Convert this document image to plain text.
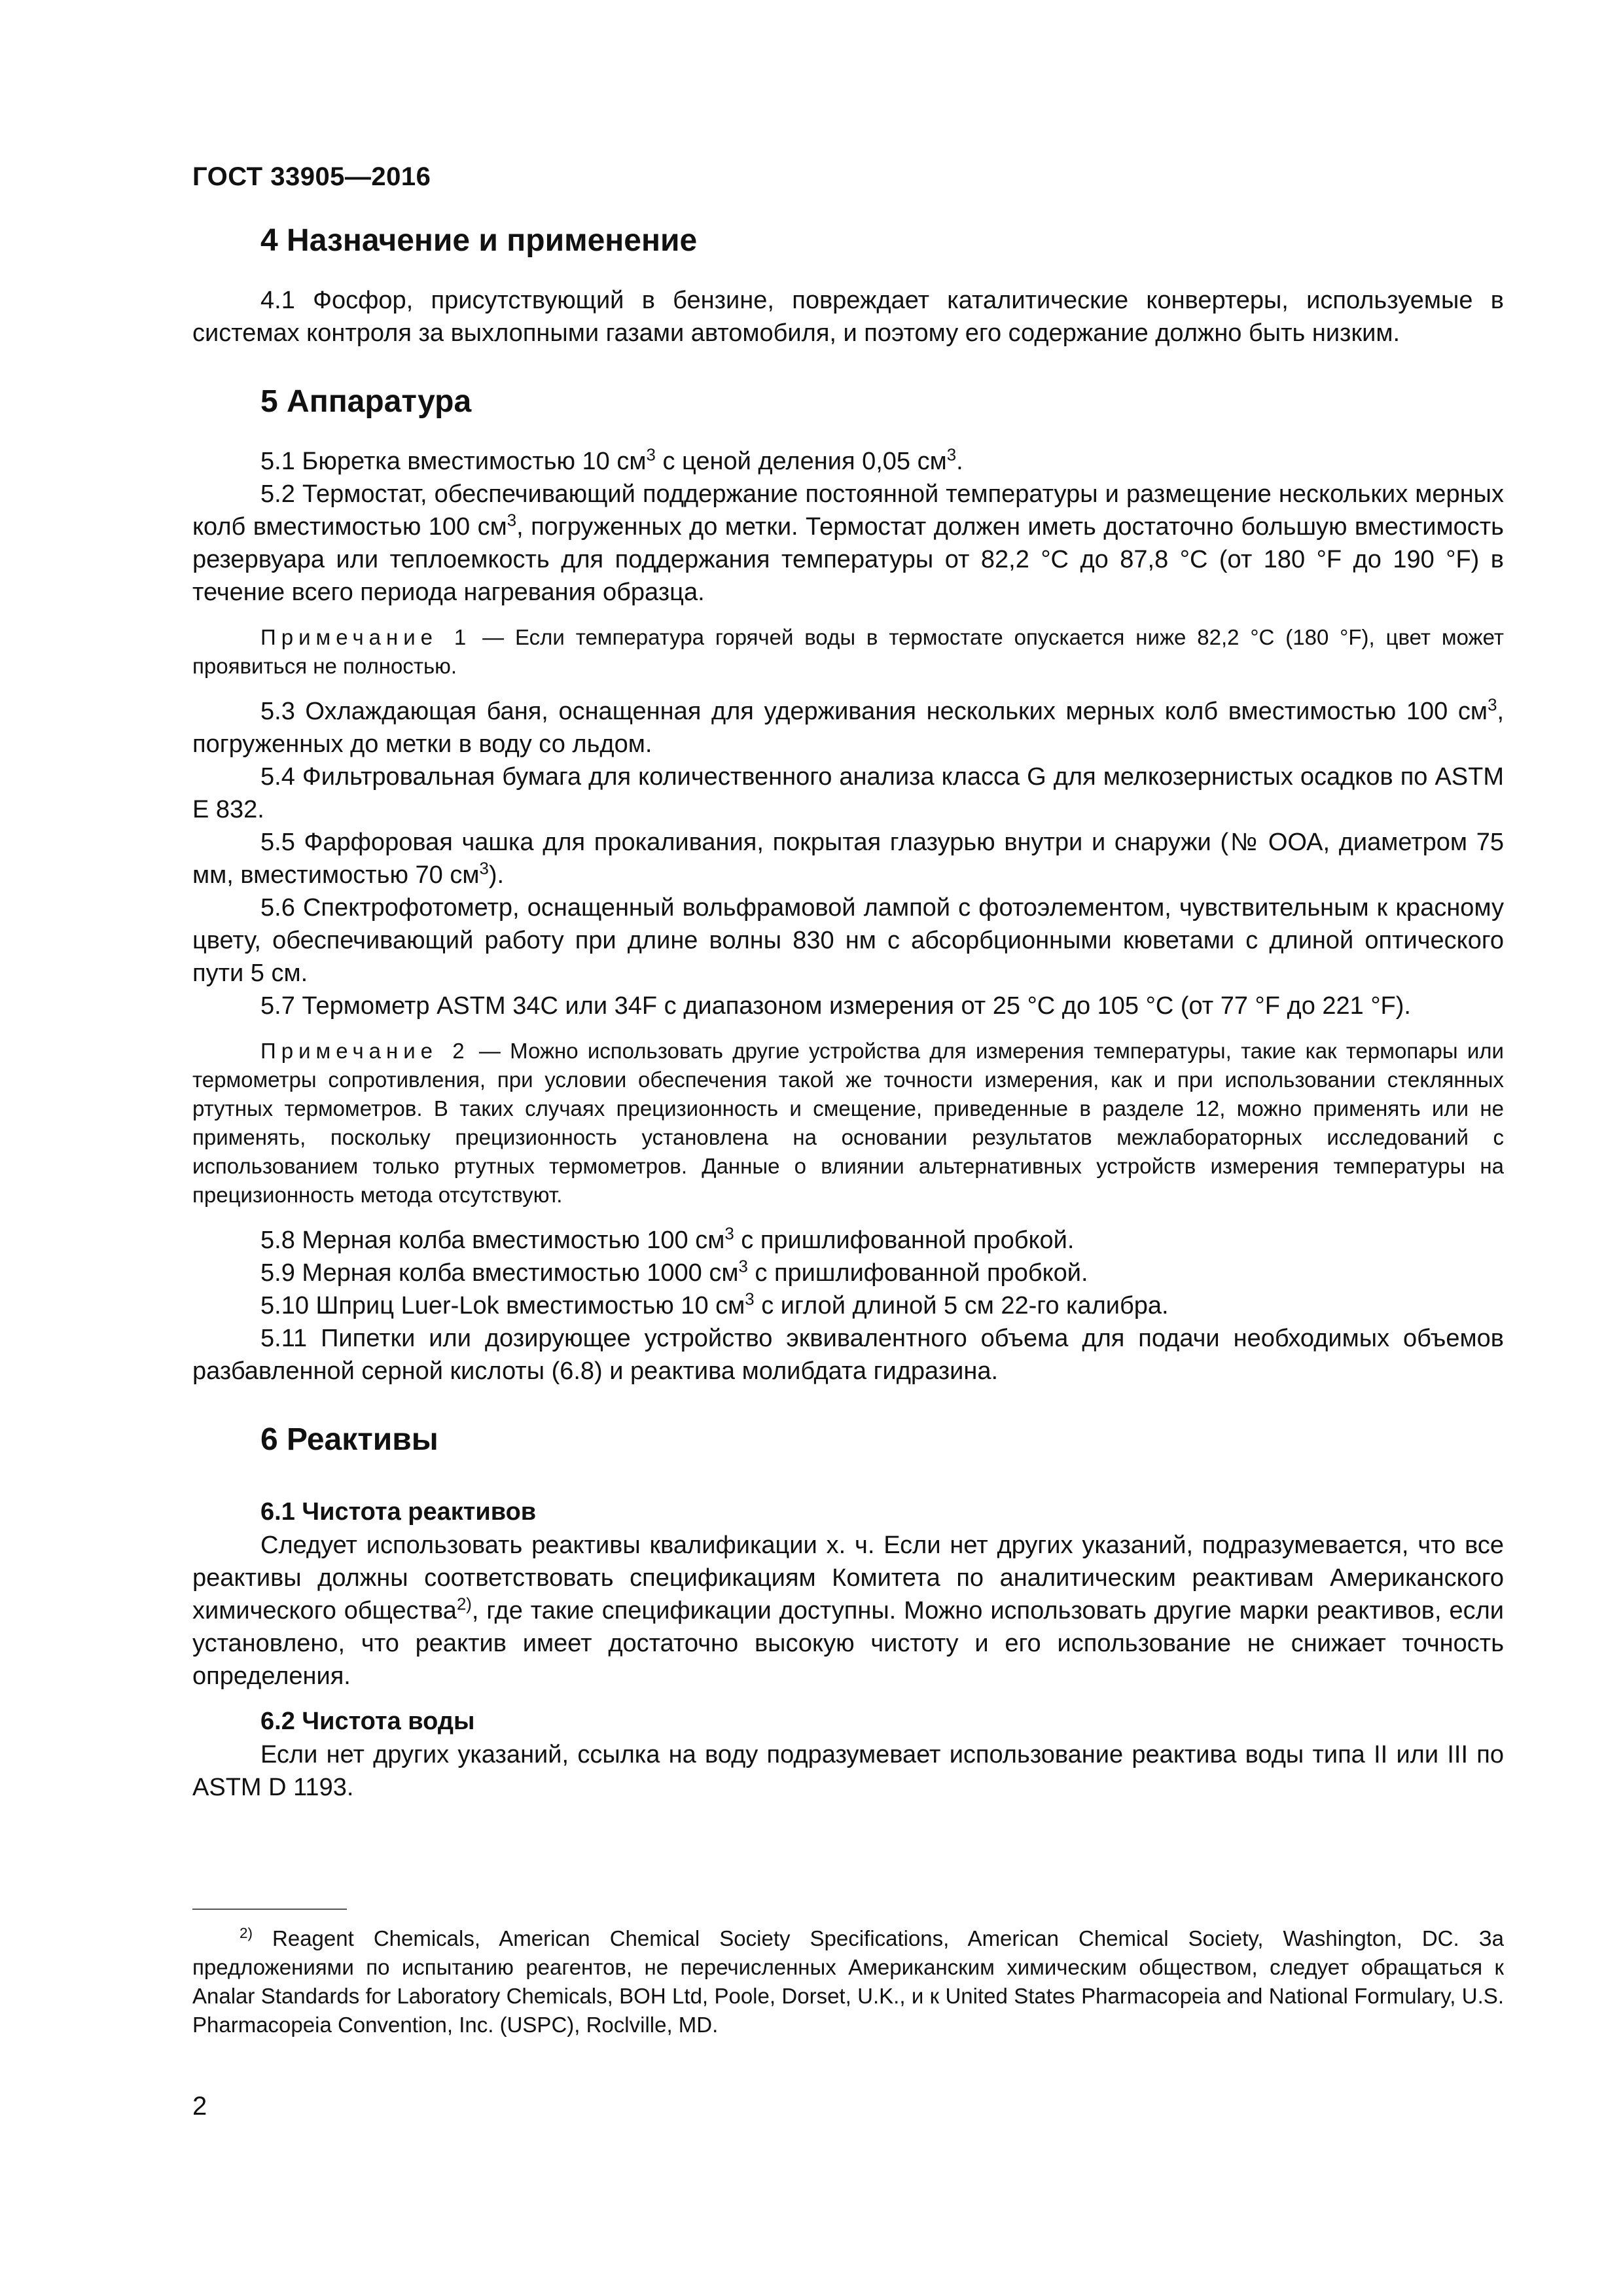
ГОСТ 33905—2016
4 Назначение и применение

4.1 Фосфор, присутствующий в бензине, повреждает каталитические конвертеры, используемые в системах контроля за выхлопными газами автомобиля, и поэтому его содержание должно быть низким.

5 Аппаратура

5.1 Бюретка вместимостью 10 $см^3$ с ценой деления 0,05 $см^3$.

5.2 Термостат, обеспечивающий поддержание постоянной температуры и размещение нескольких мерных колб вместимостью 100 $см^3$, погруженных до метки. Термостат должен иметь достаточно большую вместимость резервуара или теплоемкость для поддержания температуры от 82,2 °C до 87,8 °C (от 180 °F до 190 °F) в течение всего периода нагревания образца.

Примечание 1 — Если температура горячей воды в термостате опускается ниже 82,2 °C (180 °F), цвет может проявиться не полностью.

5.3 Охлаждающая баня, оснащенная для удерживания нескольких мерных колб вместимостью 100 $см^3$, погруженных до метки в воду со льдом.

5.4 Фильтровальная бумага для количественного анализа класса G для мелкозернистых осадков по ASTM E 832.

5.5 Фарфоровая чашка для прокаливания, покрытая глазурью внутри и снаружи (№ ООА, диаметром 75 мм, вместимостью 70 $см^3$).

5.6 Спектрофотометр, оснащенный вольфрамовой лампой с фотоэлементом, чувствительным к красному цвету, обеспечивающий работу при длине волны 830 нм с абсорбционными кюветами с длиной оптического пути 5 см.

5.7 Термометр ASTM 34C или 34F с диапазоном измерения от 25 °C до 105 °C (от 77 °F до 221 °F).

Примечание 2 — Можно использовать другие устройства для измерения температуры, такие как термопары или термометры сопротивления, при условии обеспечения такой же точности измерения, как и при использовании стеклянных ртутных термометров. В таких случаях прецизионность и смещение, приведенные в разделе 12, можно применять или не применять, поскольку прецизионность установлена на основании результатов межлабораторных исследований с использованием только ртутных термометров. Данные о влиянии альтернативных устройств измерения температуры на прецизионность метода отсутствуют.

5.8 Мерная колба вместимостью 100 $см^3$ с пришлифованной пробкой.

5.9 Мерная колба вместимостью 1000 $см^3$ с пришлифованной пробкой.

5.10 Шприц Luer-Lok вместимостью 10 $см^3$ с иглой длиной 5 см 22-го калибра.

5.11 Пипетки или дозирующее устройство эквивалентного объема для подачи необходимых объемов разбавленной серной кислоты (6.8) и реактива молибдата гидразина.

6 Реактивы
6.1 Чистота реактивов

Следует использовать реактивы квалификации х. ч. Если нет других указаний, подразумевается, что все реактивы должны соответствовать спецификациям Комитета по аналитическим реактивам Американского химического общества$^{2)}$, где такие спецификации доступны. Можно использовать другие марки реактивов, если установлено, что реактив имеет достаточно высокую чистоту и его использование не снижает точность определения.

6.2 Чистота воды

Если нет других указаний, ссылка на воду подразумевает использование реактива воды типа II или III по ASTM D 1193.

$^{2)}$ Reagent Chemicals, American Chemical Society Specifications, American Chemical Society, Washington, DC. За предложениями по испытанию реагентов, не перечисленных Американским химическим обществом, следует обращаться к Analar Standards for Laboratory Chemicals, BOH Ltd, Poole, Dorset, U.K., и к United States Pharmacopeia and National Formulary, U.S. Pharmacopeia Convention, Inc. (USPC), Roclville, MD.

2
